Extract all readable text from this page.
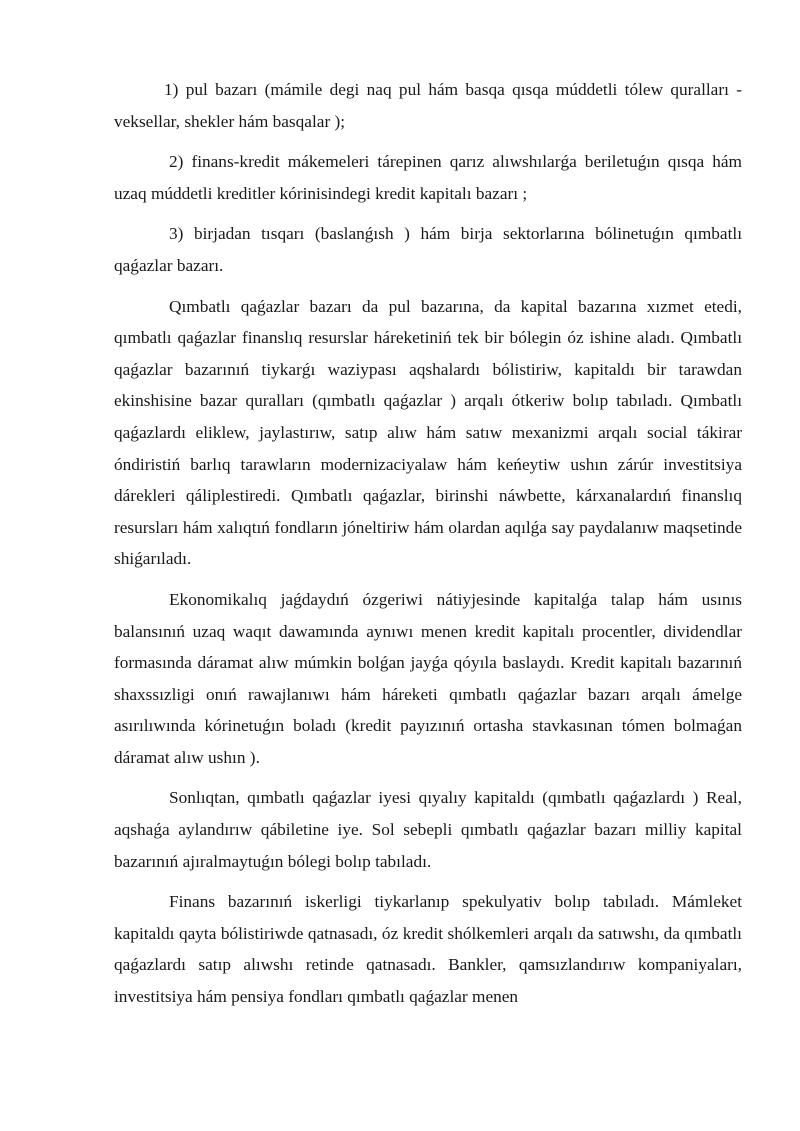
1) pul bazarı (mámile degi naq pul hám basqa qısqa múddetli tólew quralları - veksellar, shekler hám basqalar );

2) finans-kredit mákemeleri tárepinen qarız alıwshılarǵa beriletuǵın qısqa hám uzaq múddetli kreditler kórinisindegi kredit kapitalı bazarı ;

3) birjadan tısqarı (baslanǵısh ) hám birja sektorlarına bólinetuǵın qımbatlı qaǵazlar bazarı.

Qımbatlı qaǵazlar bazarı da pul bazarına, da kapital bazarına xızmet etedi, qımbatlı qaǵazlar finanslıq resurslar háreketiniń tek bir bólegin óz ishine aladı. Qımbatlı qaǵazlar bazarınıń tiykarǵı waziypası aqshalardı bólistiriw, kapitaldı bir tarawdan ekinshisine bazar quralları (qımbatlı qaǵazlar ) arqalı ótkeriw bolıp tabıladı. Qımbatlı qaǵazlardı eliklew, jaylastırıw, satıp alıw hám satıw mexanizmi arqalı social tákirar óndiristiń barlıq tarawların modernizaciyalaw hám keńeytiw ushın zárúr investitsiya dárekleri qáliplestiredi. Qımbatlı qaǵazlar, birinshi náwbette, kárxanalardıń finanslıq resursları hám xalıqtıń fondların jóneltiriw hám olardan aqılǵa say paydalanıw maqsetinde shiǵarıladı.

Ekonomikalıq jaǵdaydıń ózgeriwi nátiyjesinde kapitalǵa talap hám usınıs balansınıń uzaq waqıt dawamında aynıwı menen kredit kapitalı procentler, dividendlar formasında dáramat alıw múmkin bolǵan jayǵa qóyıla baslaydı. Kredit kapitalı bazarınıń shaxssızligi onıń rawajlanıwı hám háreketi qımbatlı qaǵazlar bazarı arqalı ámelge asırılıwında kórinetuǵın boladı (kredit payızınıń ortasha stavkasınan tómen bolmaǵan dáramat alıw ushın ).

Sonlıqtan, qımbatlı qaǵazlar iyesi qıyalıy kapitaldı (qımbatlı qaǵazlardı ) Real, aqshaǵa aylandırıw qábiletine iye. Sol sebepli qımbatlı qaǵazlar bazarı milliy kapital bazarınıń ajıralmaytuǵın bólegi bolıp tabıladı.

Finans bazarınıń iskerligi tiykarlanıp spekulyativ bolıp tabıladı. Mámleket kapitaldı qayta bólistiriwde qatnasadı, óz kredit shólkemleri arqalı da satıwshı, da qımbatlı qaǵazlardı satıp alıwshı retinde qatnasadı. Bankler, qamsızlandırıw kompaniyaları, investitsiya hám pensiya fondları qımbatlı qaǵazlar menen
